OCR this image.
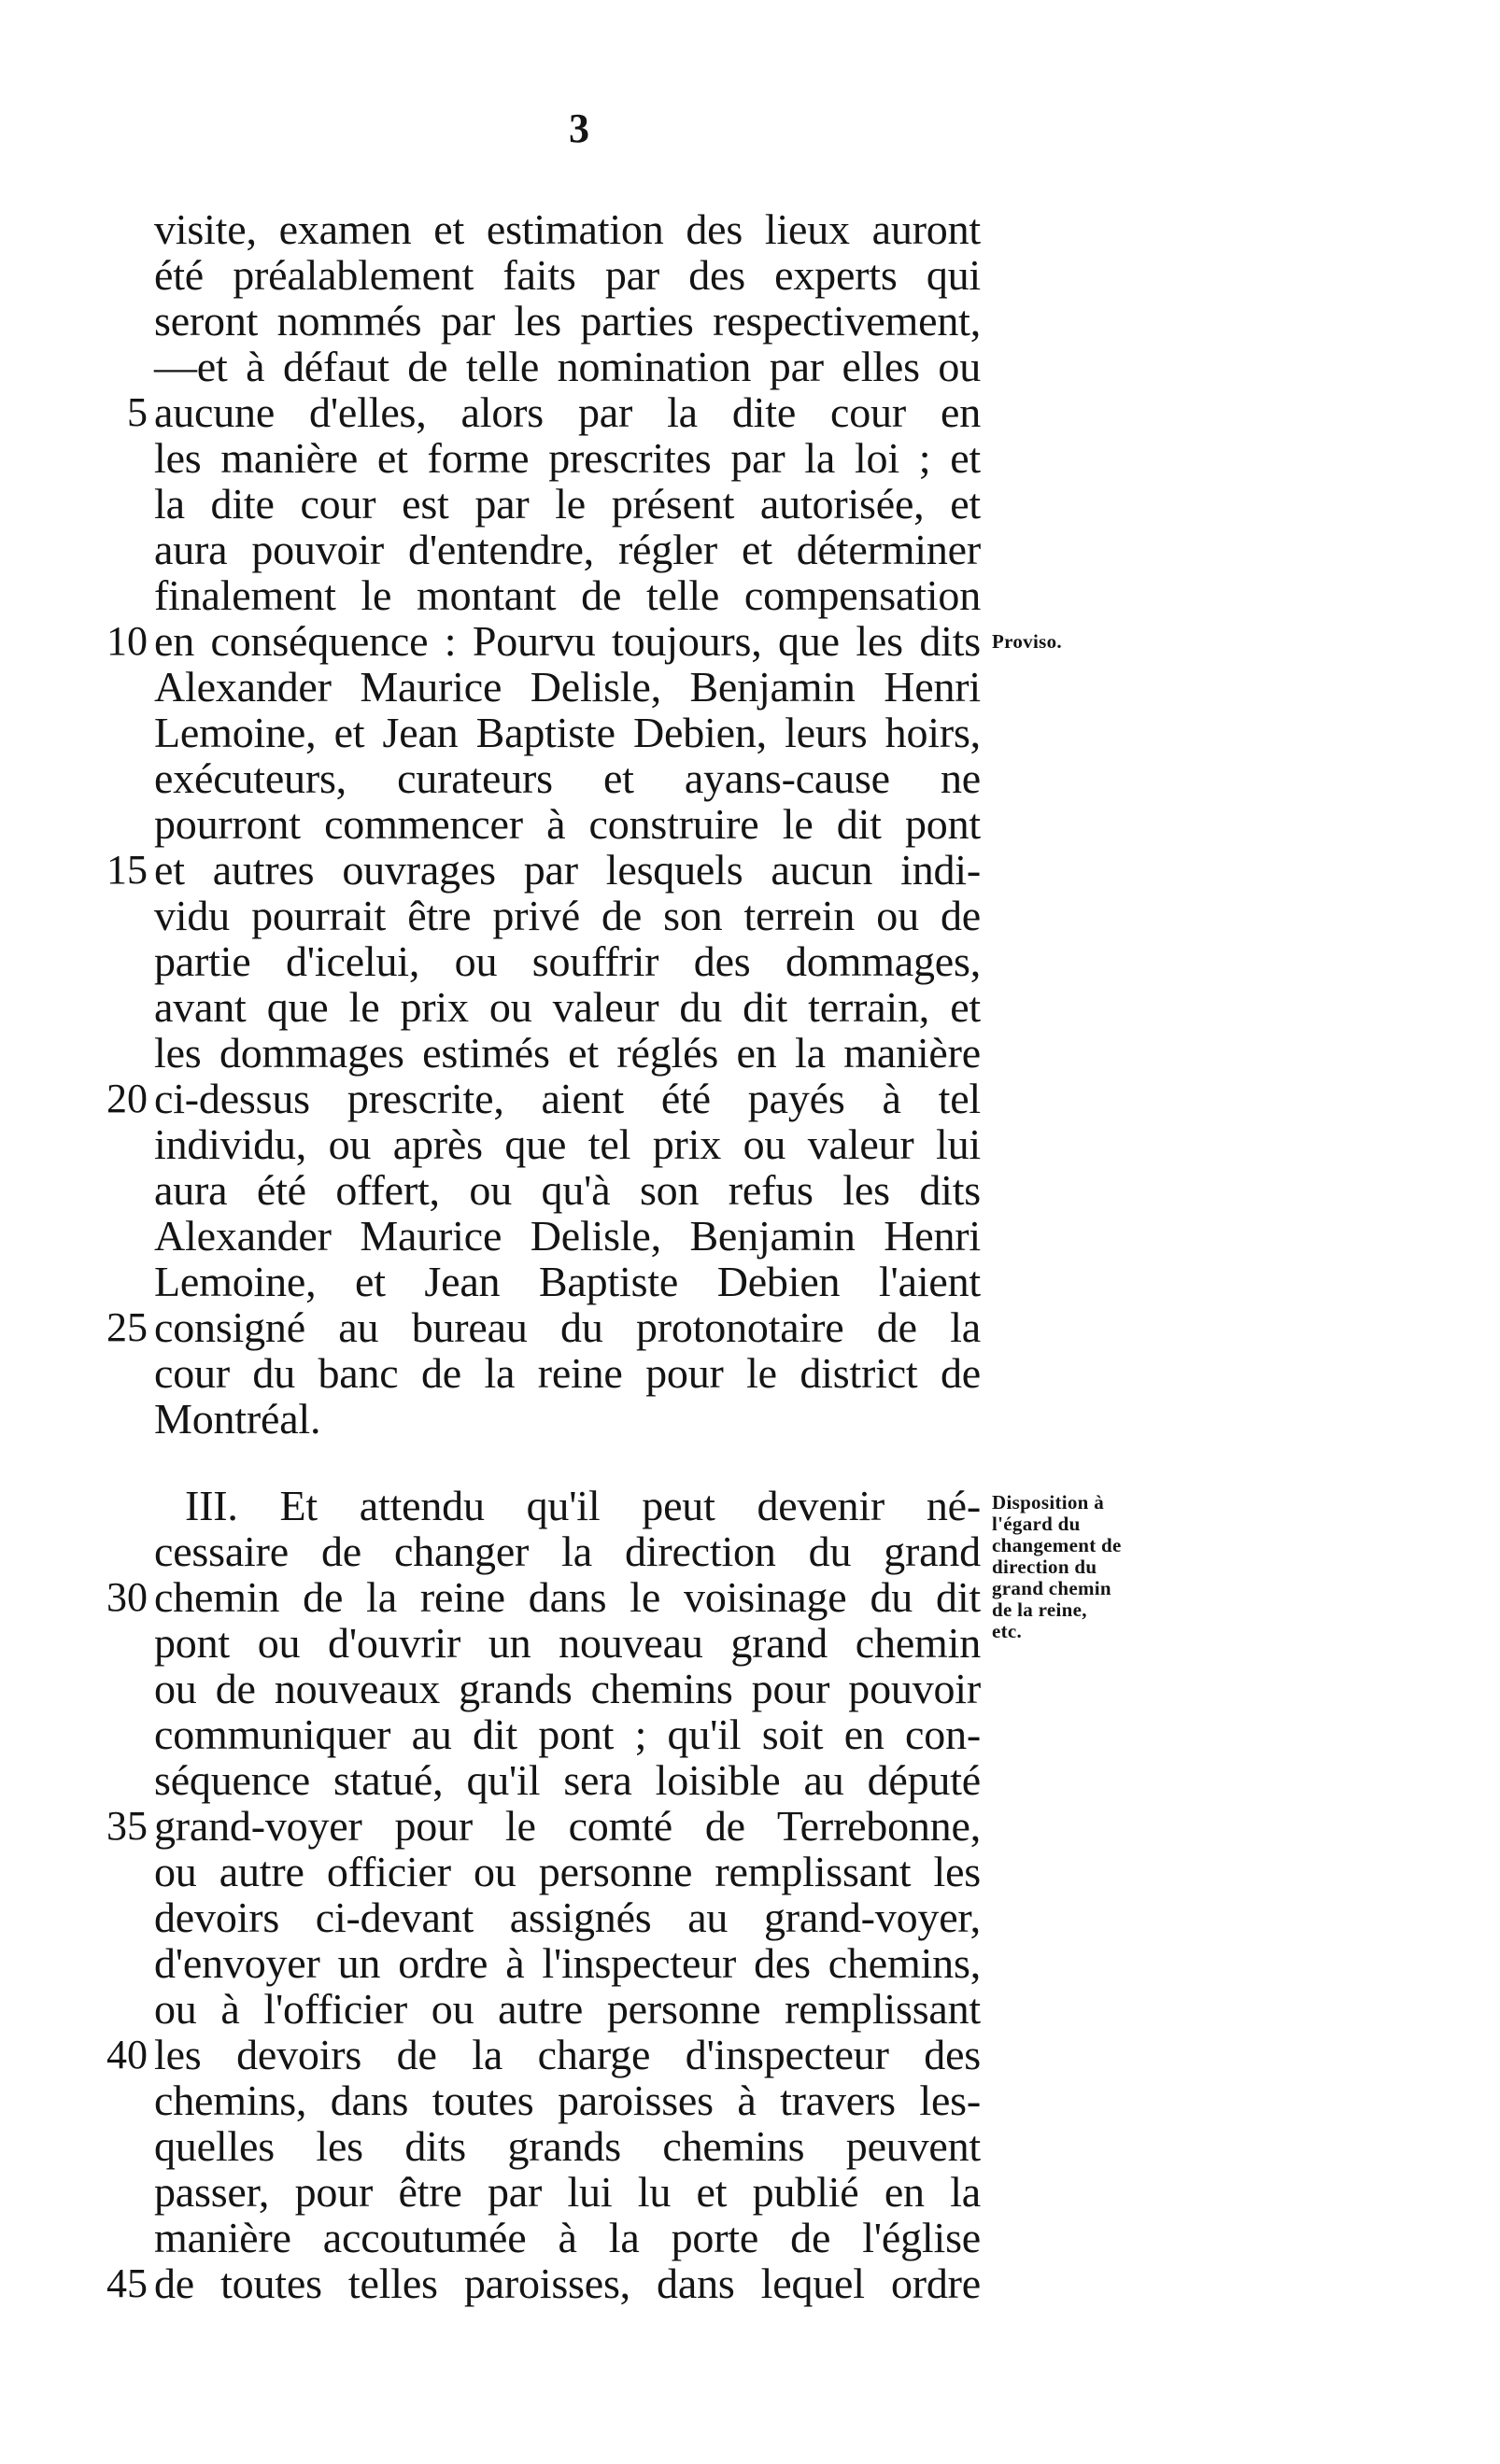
3
visite, examen et estimation des lieux auront
été préalablement faits par des experts qui
seront nommés par les parties respectivement,
—et à défaut de telle nomination par elles ou
aucune d'elles, alors par la dite cour en
les manière et forme prescrites par la loi ; et
la dite cour est par le présent autorisée, et
aura pouvoir d'entendre, régler et déterminer
finalement le montant de telle compensation
en conséquence : Pourvu toujours, que les dits
Alexander Maurice Delisle, Benjamin Henri
Lemoine, et Jean Baptiste Debien, leurs hoirs,
exécuteurs, curateurs et ayans-cause ne
pourront commencer à construire le dit pont
et autres ouvrages par lesquels aucun indi-
vidu pourrait être privé de son terrein ou de
partie d'icelui, ou souffrir des dommages,
avant que le prix ou valeur du dit terrain, et
les dommages estimés et réglés en la manière
ci-dessus prescrite, aient été payés à tel
individu, ou après que tel prix ou valeur lui
aura été offert, ou qu'à son refus les dits
Alexander Maurice Delisle, Benjamin Henri
Lemoine, et Jean Baptiste Debien l'aient
consigné au bureau du protonotaire de la
cour du banc de la reine pour le district de
Montréal.
III. Et attendu qu'il peut devenir né-
cessaire de changer la direction du grand
chemin de la reine dans le voisinage du dit
pont ou d'ouvrir un nouveau grand chemin
ou de nouveaux grands chemins pour pouvoir
communiquer au dit pont ; qu'il soit en con-
séquence statué, qu'il sera loisible au député
grand-voyer pour le comté de Terrebonne,
ou autre officier ou personne remplissant les
devoirs ci-devant assignés au grand-voyer,
d'envoyer un ordre à l'inspecteur des chemins,
ou à l'officier ou autre personne remplissant
les devoirs de la charge d'inspecteur des
chemins, dans toutes paroisses à travers les-
quelles les dits grands chemins peuvent
passer, pour être par lui lu et publié en la
manière accoutumée à la porte de l'église
de toutes telles paroisses, dans lequel ordre
5
10
15
20
25
30
35
40
45
Proviso.
Disposition à
l'égard du
changement de
direction du
grand chemin
de la reine,
etc.
